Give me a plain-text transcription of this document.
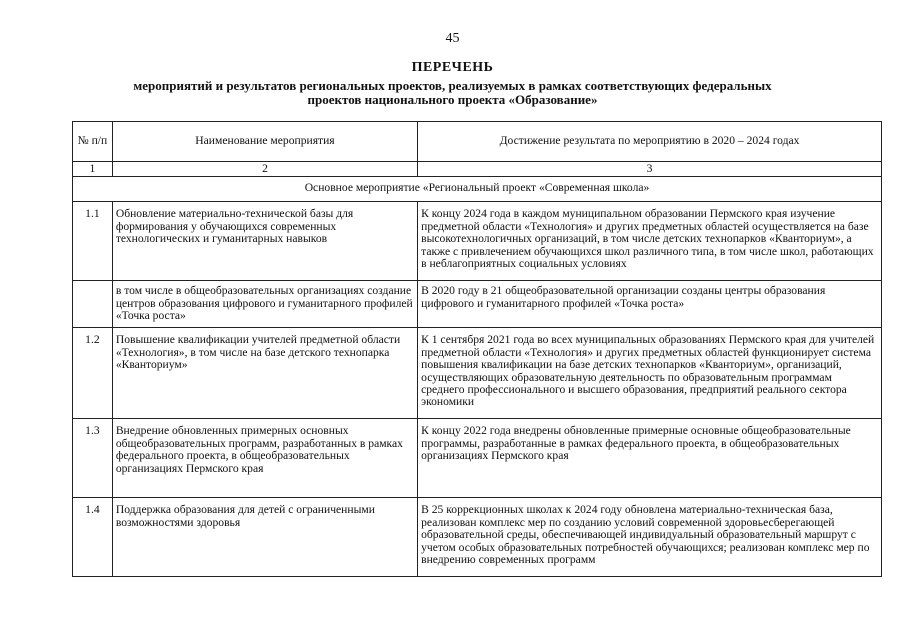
45
ПЕРЕЧЕНЬ
мероприятий и результатов региональных проектов, реализуемых в рамках соответствующих федеральных проектов национального проекта «Образование»
№ п/п	Наименование мероприятия	Достижение результата по мероприятию в 2020 – 2024 годах
1	2	3
Основное мероприятие «Региональный проект «Современная школа»		
1.1	Обновление материально-технической базы для формирования у обучающихся современных технологических и гуманитарных навыков	К концу 2024 года в каждом муниципальном образовании Пермского края изучение предметной области «Технология» и других предметных областей осуществляется на базе высокотехнологичных организаций, в том числе детских технопарков «Кванториум», а также с привлечением обучающихся школ различного типа, в том числе школ, работающих в неблагоприятных социальных условиях
	в том числе в общеобразовательных организациях создание центров образования цифрового и гуманитарного профилей «Точка роста»	В 2020 году в 21 общеобразовательной организации созданы центры образования цифрового и гуманитарного профилей «Точка роста»
1.2	Повышение квалификации учителей предметной области «Технология», в том числе на базе детского технопарка «Кванториум»	К 1 сентября 2021 года во всех муниципальных образованиях Пермского края для учителей предметной области «Технология» и других предметных областей функционирует система повышения квалификации на базе детских технопарков «Кванториум», организаций, осуществляющих образовательную деятельность по образовательным программам среднего профессионального и высшего образования, предприятий реального сектора экономики
1.3	Внедрение обновленных примерных основных общеобразовательных программ, разработанных в рамках федерального проекта, в общеобразовательных организациях Пермского края	К концу 2022 года внедрены обновленные примерные основные общеобразовательные программы, разработанные в рамках федерального проекта, в общеобразовательных организациях Пермского края
1.4	Поддержка образования для детей с ограниченными возможностями здоровья	В 25 коррекционных школах к 2024 году обновлена материально-техническая база, реализован комплекс мер по созданию условий современной здоровьесберегающей образовательной среды, обеспечивающей индивидуальный образовательный маршрут с учетом особых образовательных потребностей обучающихся; реализован комплекс мер по внедрению современных программ
